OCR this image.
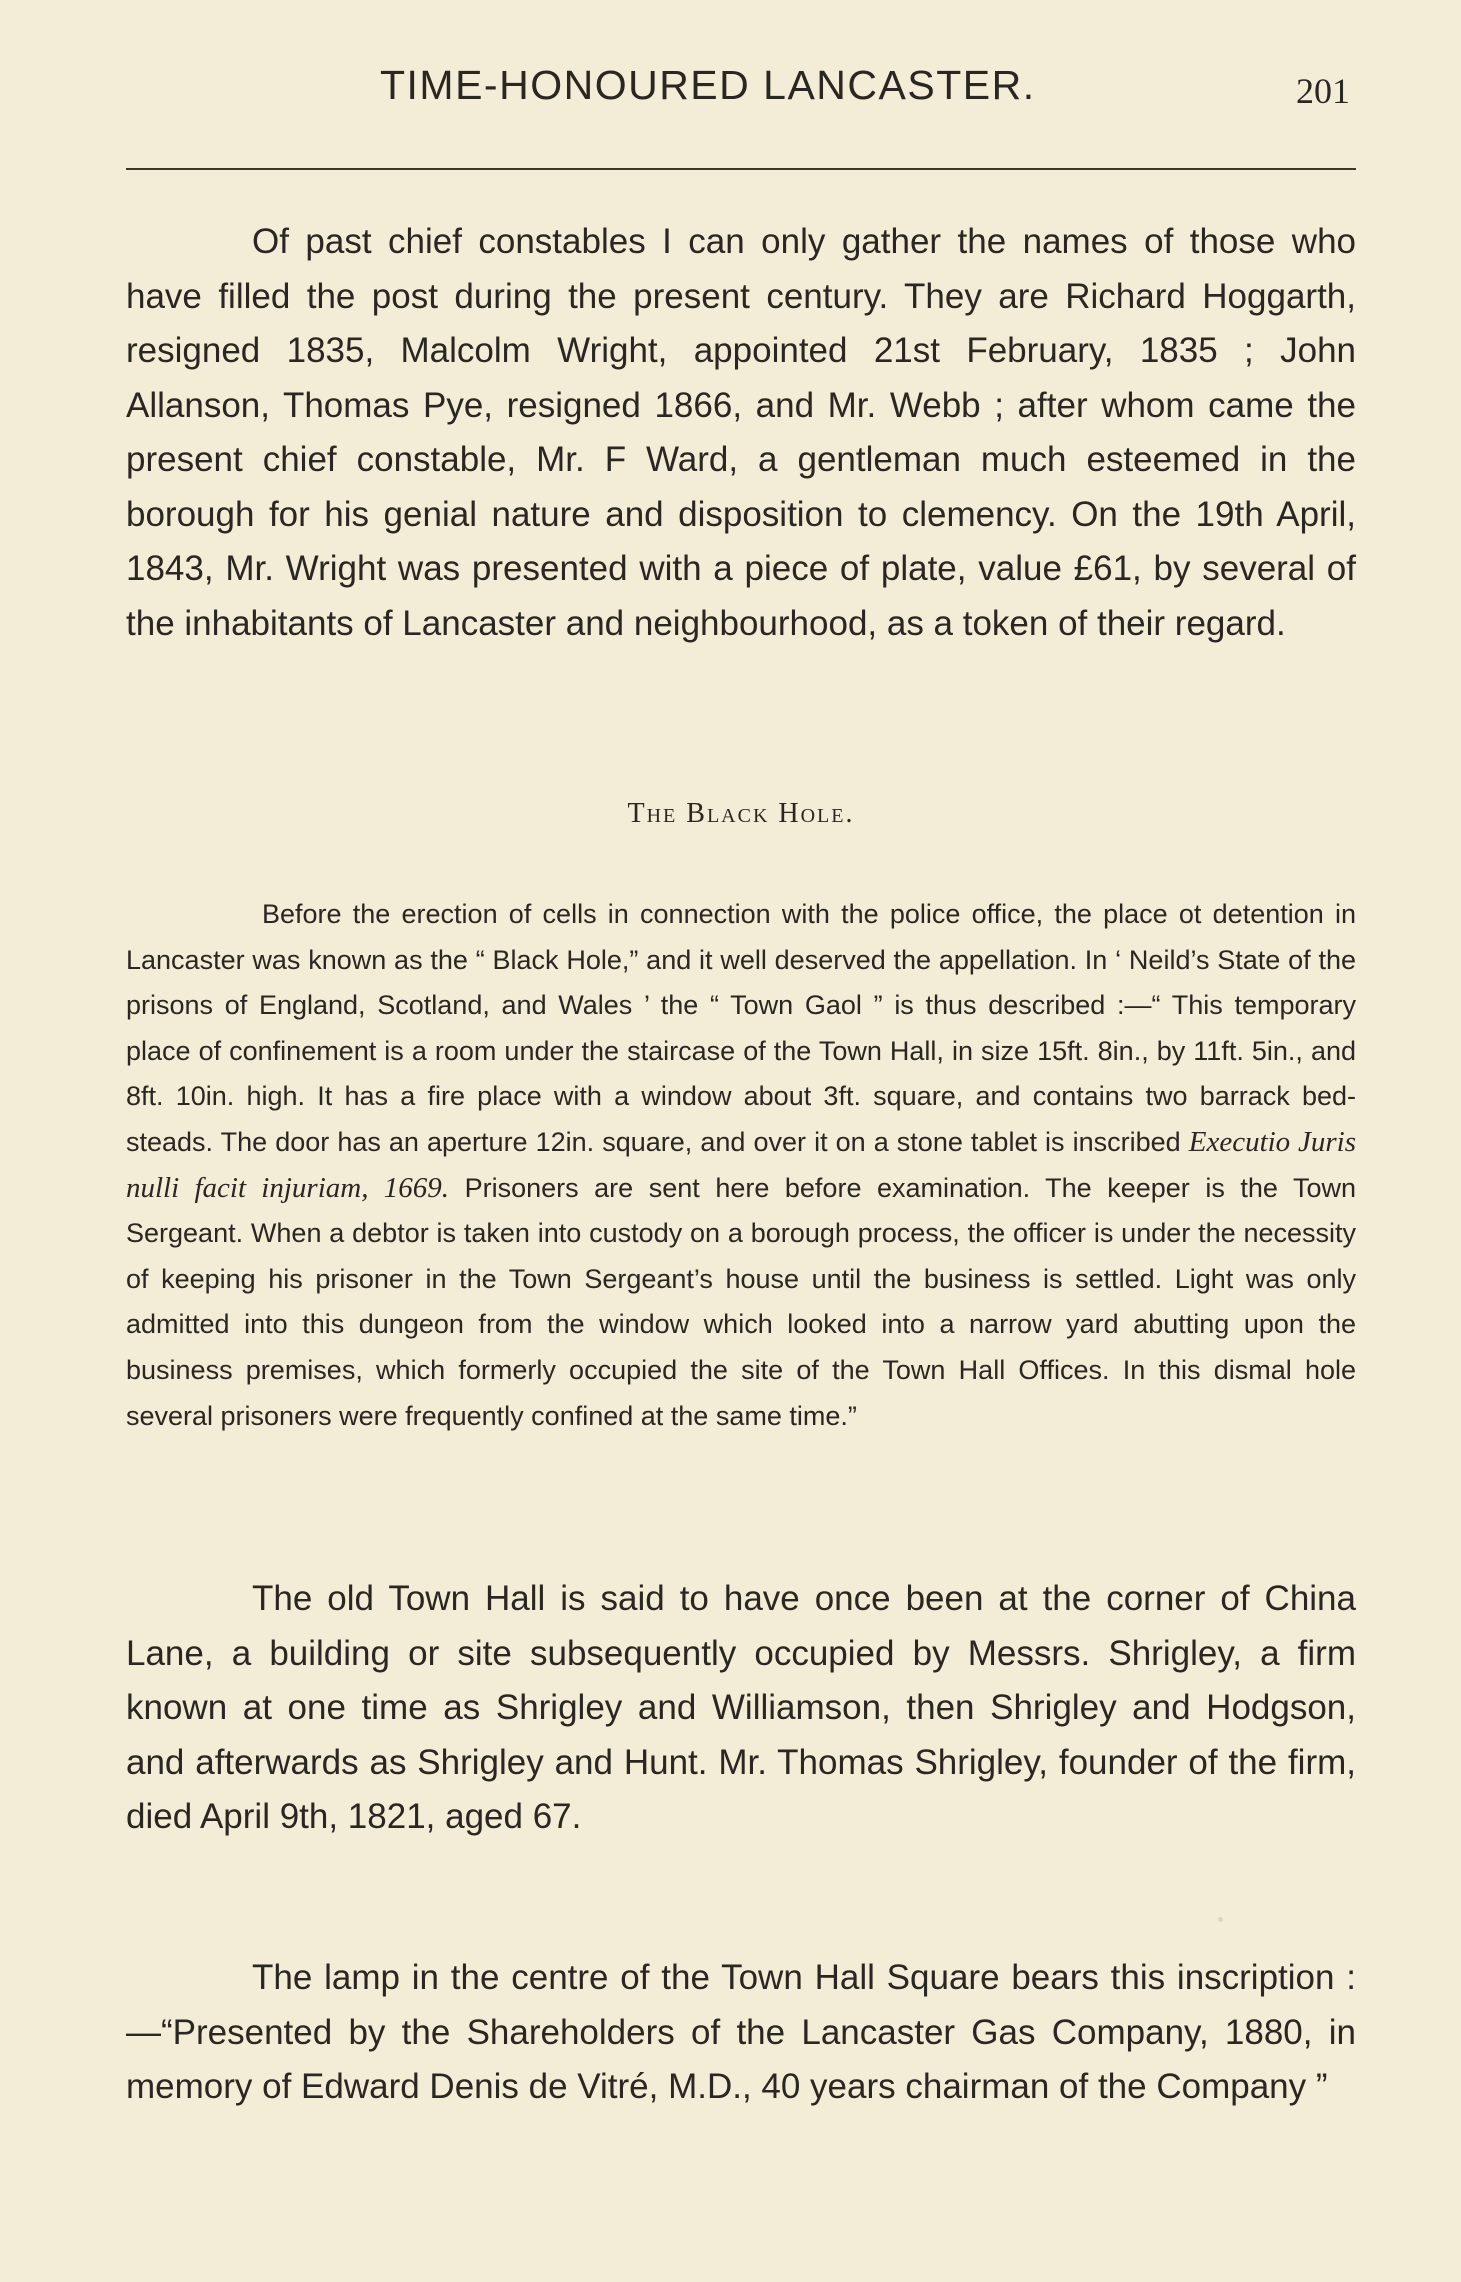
TIME-HONOURED LANCASTER.	201

Of past chief constables I can only gather the names of those who have filled the post during the present century. They are Richard Hoggarth, resigned 1835, Malcolm Wright, appointed 21st February, 1835 ; John Allanson, Thomas Pye, resigned 1866, and Mr. Webb ; after whom came the present chief constable, Mr. F Ward, a gentleman much esteemed in the borough for his genial nature and disposition to clemency. On the 19th April, 1843, Mr. Wright was presented with a piece of plate, value £61, by several of the inhabitants of Lancaster and neighbourhood, as a token of their regard.

The Black Hole.

Before the erection of cells in connection with the police office, the place ot detention in Lancaster was known as the “ Black Hole,” and it well deserved the appellation. In ‘ Neild’s State of the prisons of England, Scotland, and Wales ’ the “ Town Gaol ” is thus described :—“ This temporary place of confinement is a room under the staircase of the Town Hall, in size 15ft. 8in., by 11ft. 5in., and 8ft. 10in. high. It has a fire place with a window about 3ft. square, and contains two barrack bed-steads. The door has an aperture 12in. square, and over it on a stone tablet is inscribed Executio Juris nulli facit injuriam, 1669. Prisoners are sent here before examination. The keeper is the Town Sergeant. When a debtor is taken into custody on a borough process, the officer is under the necessity of keeping his prisoner in the Town Sergeant’s house until the business is settled. Light was only admitted into this dungeon from the window which looked into a narrow yard abutting upon the business premises, which formerly occupied the site of the Town Hall Offices. In this dismal hole several prisoners were frequently confined at the same time.”

The old Town Hall is said to have once been at the corner of China Lane, a building or site subsequently occupied by Messrs. Shrigley, a firm known at one time as Shrigley and Williamson, then Shrigley and Hodgson, and afterwards as Shrigley and Hunt. Mr. Thomas Shrigley, founder of the firm, died April 9th, 1821, aged 67.

The lamp in the centre of the Town Hall Square bears this inscription :—“Presented by the Shareholders of the Lancaster Gas Company, 1880, in memory of Edward Denis de Vitré, M.D., 40 years chairman of the Company ”
